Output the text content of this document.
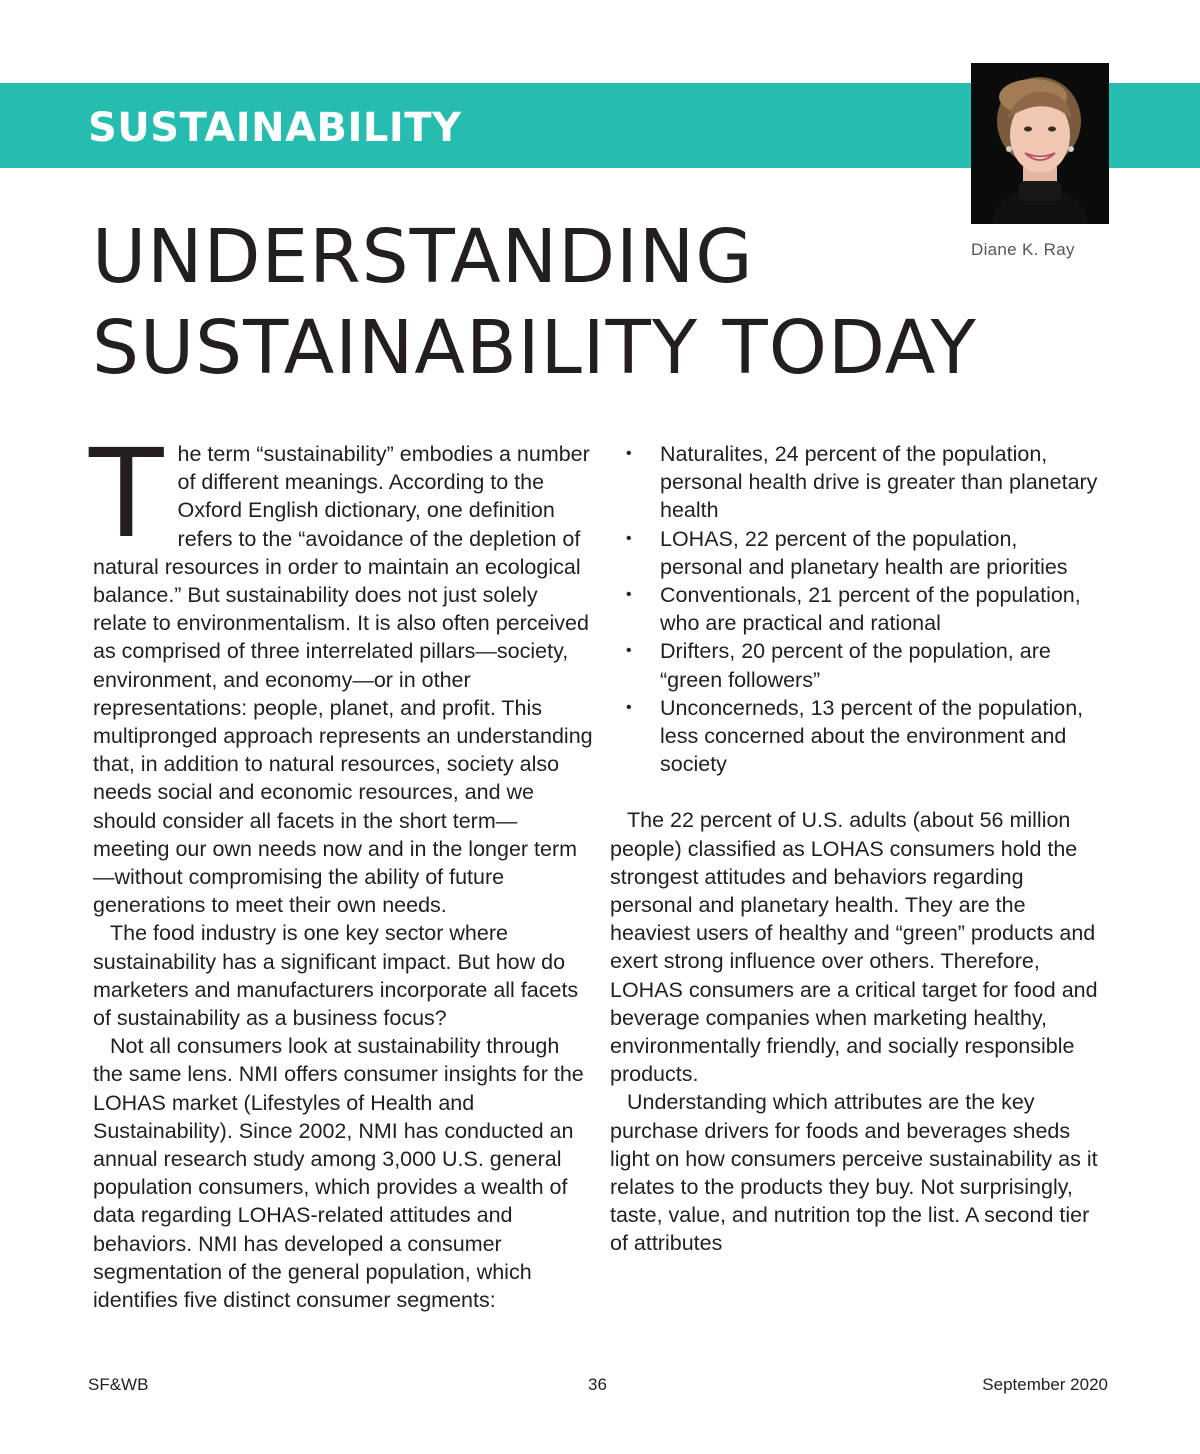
SUSTAINABILITY
Diane K. Ray
UNDERSTANDING
SUSTAINABILITY TODAY

The term “sustainability” embodies a number of different meanings. According to the Oxford English dictionary, one definition refers to the “avoidance of the depletion of natural resources in order to maintain an ecological balance.” But sustainability does not just solely relate to environmentalism. It is also often perceived as comprised of three interrelated pillars—society, environment, and economy—or in other representations: people, planet, and profit. This multipronged approach represents an understanding that, in addition to natural resources, society also needs social and economic resources, and we should consider all facets in the short term—meeting our own needs now and in the longer term—without compromising the ability of future generations to meet their own needs.

The food industry is one key sector where sustainability has a significant impact. But how do marketers and manufacturers incorporate all facets of sustainability as a business focus?

Not all consumers look at sustainability through the same lens. NMI offers consumer insights for the LOHAS market (Lifestyles of Health and Sustainability). Since 2002, NMI has conducted an annual research study among 3,000 U.S. general population consumers, which provides a wealth of data regarding LOHAS-related attitudes and behaviors. NMI has developed a consumer segmentation of the general population, which identifies five distinct consumer segments:

• Naturalites, 24 percent of the population, personal health drive is greater than planetary health
• LOHAS, 22 percent of the population, personal and planetary health are priorities
• Conventionals, 21 percent of the population, who are practical and rational
• Drifters, 20 percent of the population, are “green followers”
• Unconcerneds, 13 percent of the population, less concerned about the environment and society

The 22 percent of U.S. adults (about 56 million people) classified as LOHAS consumers hold the strongest attitudes and behaviors regarding personal and planetary health. They are the heaviest users of healthy and “green” products and exert strong influence over others. Therefore, LOHAS consumers are a critical target for food and beverage companies when marketing healthy, environmentally friendly, and socially responsible products.

Understanding which attributes are the key purchase drivers for foods and beverages sheds light on how consumers perceive sustainability as it relates to the products they buy. Not surprisingly, taste, value, and nutrition top the list. A second tier of attributes

SF&WB	36	September 2020
